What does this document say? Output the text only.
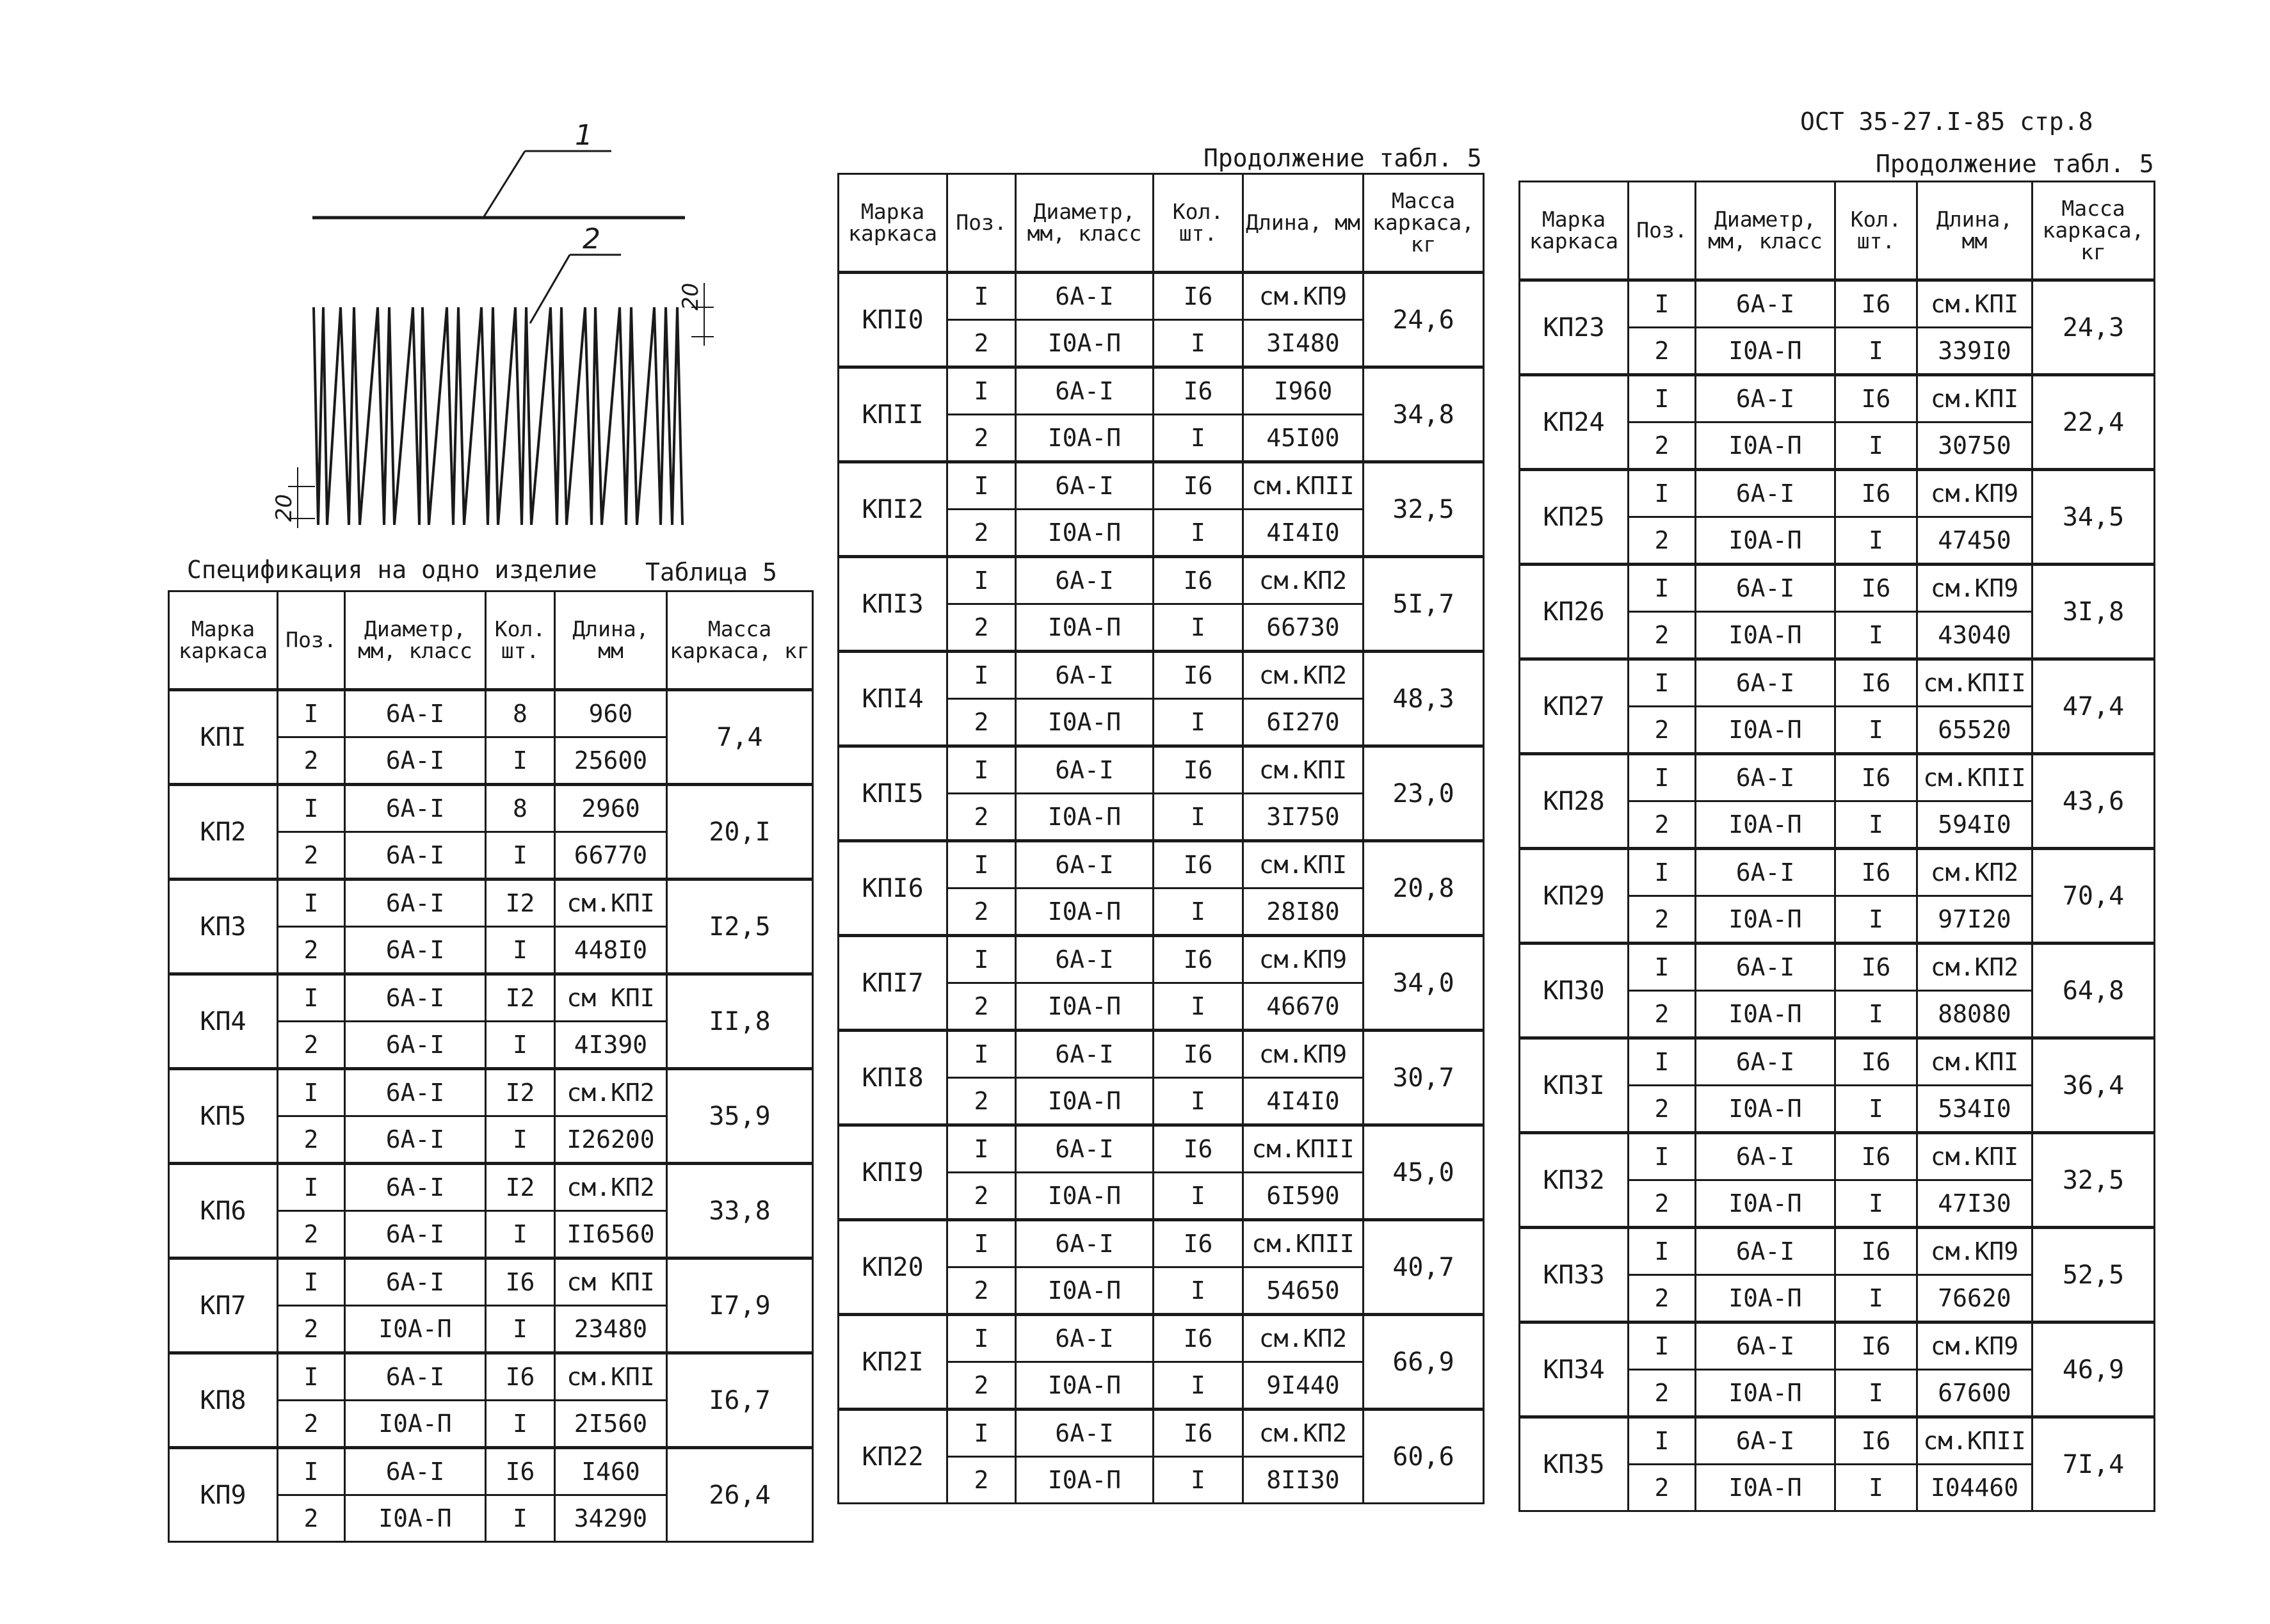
ОСТ 35-27.I-85 стр.8
1
2
20
20
Спецификация на одно изделие Таблица 5
Продолжение табл. 5	Продолжение табл. 5
Марка каркаса	Поз.	Диаметр, мм, класс	Кол. шт.	Длина, мм	Масса каркаса, кг
КПI	I	6А-I	8	960	7,4
	2	6А-I	I	25600	
КП2	I	6А-I	8	2960	20,I
	2	6А-I	I	66770	
КП3	I	6А-I	I2	см.КПI	I2,5
	2	6А-I	I	448I0	
КП4	I	6А-I	I2	см КПI	II,8
	2	6А-I	I	4I390	
КП5	I	6А-I	I2	см.КП2	35,9
	2	6А-I	I	I26200	
КП6	I	6А-I	I2	см.КП2	33,8
	2	6А-I	I	II6560	
КП7	I	6А-I	I6	см КПI	I7,9
	2	I0А-П	I	23480	
КП8	I	6А-I	I6	см.КПI	I6,7
	2	I0А-П	I	2I560	
КП9	I	6А-I	I6	I460	26,4
	2	I0А-П	I	34290	
Марка каркаса	Поз.	Диаметр, мм, класс	Кол. шт.	Длина, мм	Масса каркаса, кг
КПI0	I	6А-I	I6	см.КП9	24,6
	2	I0А-П	I	3I480	
КПII	I	6А-I	I6	I960	34,8
	2	I0А-П	I	45I00	
КПI2	I	6А-I	I6	см.КПII	32,5
	2	I0А-П	I	4I4I0	
КПI3	I	6А-I	I6	см.КП2	5I,7
	2	I0А-П	I	66730	
КПI4	I	6А-I	I6	см.КП2	48,3
	2	I0А-П	I	6I270	
КПI5	I	6А-I	I6	см.КПI	23,0
	2	I0А-П	I	3I750	
КПI6	I	6А-I	I6	см.КПI	20,8
	2	I0А-П	I	28I80	
КПI7	I	6А-I	I6	см.КП9	34,0
	2	I0А-П	I	46670	
КПI8	I	6А-I	I6	см.КП9	30,7
	2	I0А-П	I	4I4I0	
КПI9	I	6А-I	I6	см.КПII	45,0
	2	I0А-П	I	6I590	
КП20	I	6А-I	I6	см.КПII	40,7
	2	I0А-П	I	54650	
КП2I	I	6А-I	I6	см.КП2	66,9
	2	I0А-П	I	9I440	
КП22	I	6А-I	I6	см.КП2	60,6
	2	I0А-П	I	8II30	
Марка каркаса	Поз.	Диаметр, мм, класс	Кол. шт.	Длина, мм	Масса каркаса, кг
КП23	I	6А-I	I6	см.КПI	24,3
	2	I0А-П	I	339I0	
КП24	I	6А-I	I6	см.КПI	22,4
	2	I0А-П	I	30750	
КП25	I	6А-I	I6	см.КП9	34,5
	2	I0А-П	I	47450	
КП26	I	6А-I	I6	см.КП9	3I,8
	2	I0А-П	I	43040	
КП27	I	6А-I	I6	см.КПII	47,4
	2	I0А-П	I	65520	
КП28	I	6А-I	I6	см.КПII	43,6
	2	I0А-П	I	594I0	
КП29	I	6А-I	I6	см.КП2	70,4
	2	I0А-П	I	97I20	
КП30	I	6А-I	I6	см.КП2	64,8
	2	I0А-П	I	88080	
КП3I	I	6А-I	I6	см.КПI	36,4
	2	I0А-П	I	534I0	
КП32	I	6А-I	I6	см.КПI	32,5
	2	I0А-П	I	47I30	
КП33	I	6А-I	I6	см.КП9	52,5
	2	I0А-П	I	76620	
КП34	I	6А-I	I6	см.КП9	46,9
	2	I0А-П	I	67600	
КП35	I	6А-I	I6	см.КПII	7I,4
	2	I0А-П	I	I04460	
